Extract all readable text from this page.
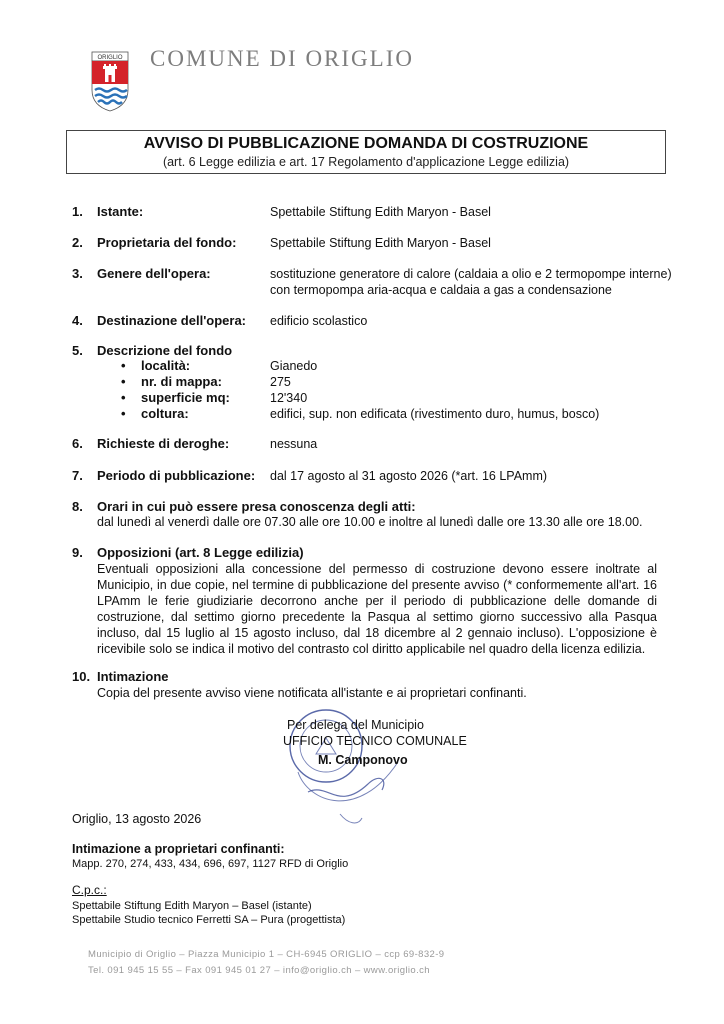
ORIGLIO COMUNE DI ORIGLIO
AVVISO DI PUBBLICAZIONE DOMANDA DI COSTRUZIONE
(art. 6 Legge edilizia e art. 17 Regolamento d'applicazione Legge edilizia)
1. Istante:	Spettabile Stiftung Edith Maryon - Basel
2. Proprietaria del fondo:	Spettabile Stiftung Edith Maryon - Basel
3. Genere dell'opera:	sostituzione generatore di calore (caldaia a olio e 2 termopompe interne)
con termopompa aria-acqua e caldaia a gas a condensazione
4. Destinazione dell'opera: edificio scolastico
5. Descrizione del fondo
• località:	Gianedo
• nr. di mappa:	275
• superficie mq:	12'340
• coltura:	edifici, sup. non edificata (rivestimento duro, humus, bosco)
6. Richieste di deroghe:	nessuna
7. Periodo di pubblicazione: dal 17 agosto al 31 agosto 2026 (*art. 16 LPAmm)
8. Orari in cui può essere presa conoscenza degli atti:
dal lunedì al venerdì dalle ore 07.30 alle ore 10.00 e inoltre al lunedì dalle ore 13.30 alle ore 18.00.
9. Opposizioni (art. 8 Legge edilizia)
Eventuali opposizioni alla concessione del permesso di costruzione devono essere inoltrate al Municipio, in due copie, nel termine di pubblicazione del presente avviso (* conformemente all'art. 16 LPAmm le ferie giudiziarie decorrono anche per il periodo di pubblicazione delle domande di costruzione, dal settimo giorno precedente la Pasqua al settimo giorno successivo alla Pasqua incluso, dal 15 luglio al 15 agosto incluso, dal 18 dicembre al 2 gennaio incluso). L'opposizione è ricevibile solo se indica il motivo del contrasto col diritto applicabile nel quadro della licenza edilizia.
10. Intimazione
Copia del presente avviso viene notificata all'istante e ai proprietari confinanti.
Per delega del Municipio
UFFICIO TECNICO COMUNALE
M. Camponovo
Origlio, 13 agosto 2026
Intimazione a proprietari confinanti:
Mapp. 270, 274, 433, 434, 696, 697, 1127 RFD di Origlio
C.p.c.:
Spettabile Stiftung Edith Maryon – Basel (istante)
Spettabile Studio tecnico Ferretti SA – Pura (progettista)
Municipio di Origlio – Piazza Municipio 1 – CH-6945 ORIGLIO – ccp 69-832-9
Tel. 091 945 15 55 – Fax 091 945 01 27 – info@origlio.ch – www.origlio.ch
